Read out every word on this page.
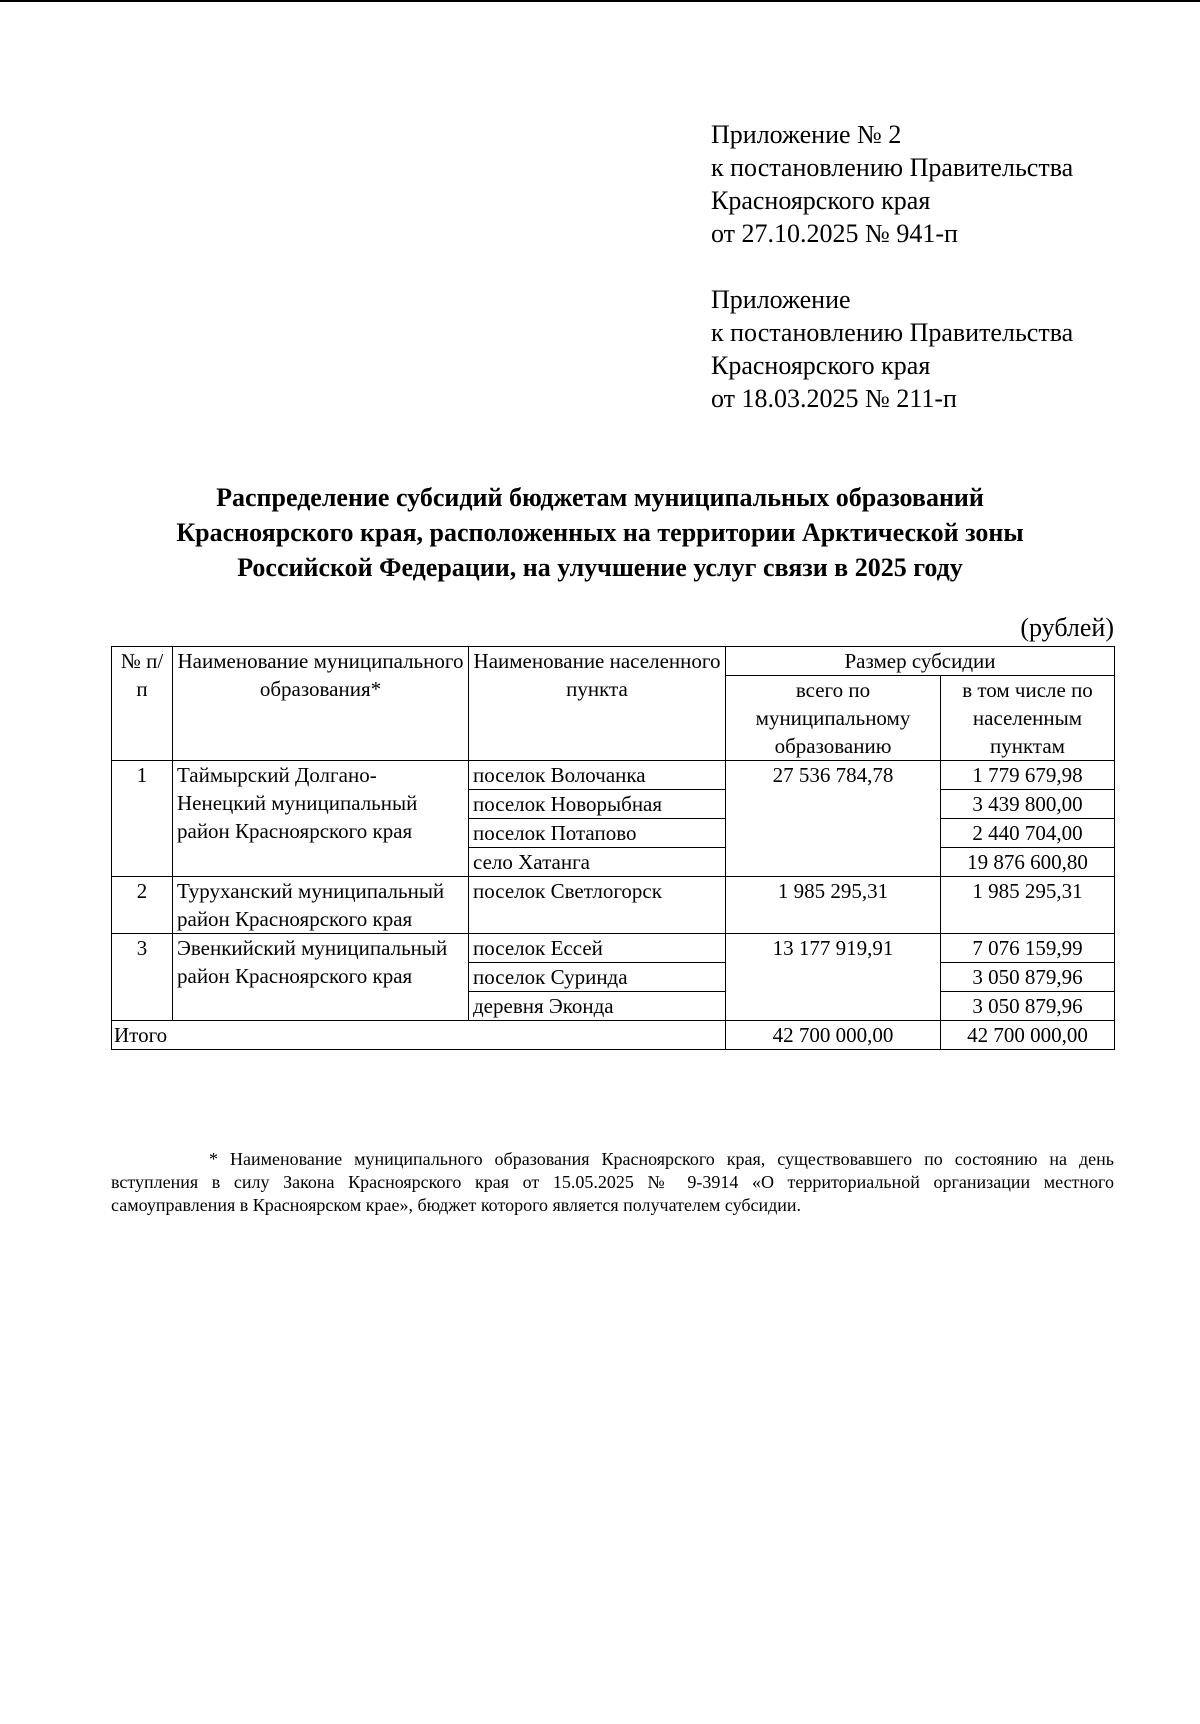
Приложение № 2
к постановлению Правительства
Красноярского края
от 27.10.2025 № 941-п
Приложение
к постановлению Правительства
Красноярского края
от 18.03.2025 № 211-п
Распределение субсидий бюджетам муниципальных образований
Красноярского края, расположенных на территории Арктической зоны
Российской Федерации, на улучшение услуг связи в 2025 году
(рублей)
№ п/п	Наименование муниципального образования*	Наименование населенного пункта	Размер субсидии	
			всего по муниципальному образованию	в том числе по населенным пунктам
1	Таймырский Долгано-Ненецкий муниципальный район Красноярского края	поселок Волочанка	27 536 784,78	1 779 679,98
		поселок Новорыбная		3 439 800,00
		поселок Потапово		2 440 704,00
		село Хатанга		19 876 600,80
2	Туруханский муниципальный район Красноярского края	поселок Светлогорск	1 985 295,31	1 985 295,31
3	Эвенкийский муниципальный район Красноярского края	поселок Ессей	13 177 919,91	7 076 159,99
		поселок Суринда		3 050 879,96
		деревня Эконда		3 050 879,96
Итого			42 700 000,00	42 700 000,00
* Наименование муниципального образования Красноярского края, существовавшего по состоянию на день вступления в силу Закона Красноярского края от 15.05.2025 № 9-3914 «О территориальной организации местного самоуправления в Красноярском крае», бюджет которого является получателем субсидии.
